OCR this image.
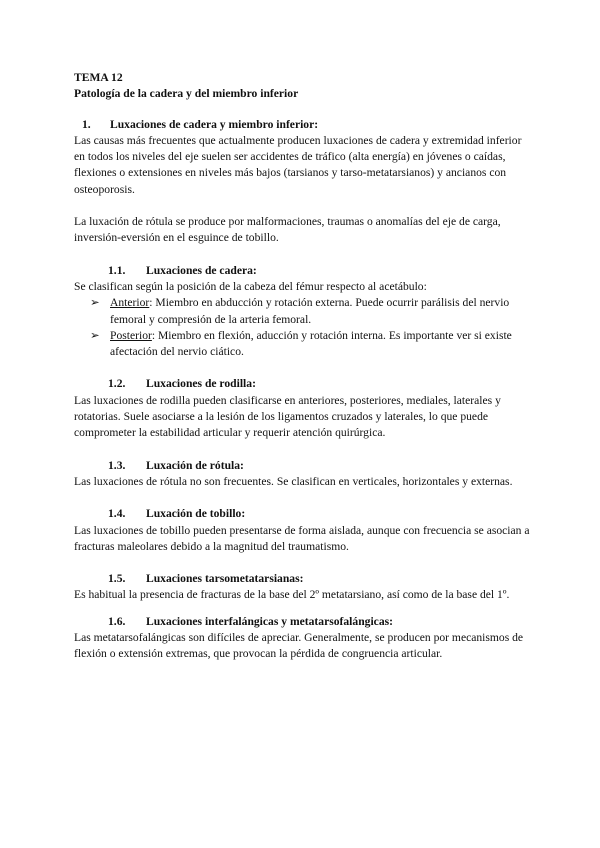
TEMA 12

Patología de la cadera y del miembro inferior

1.	Luxaciones de cadera y miembro inferior:

Las causas más frecuentes que actualmente producen luxaciones de cadera y extremidad inferior en todos los niveles del eje suelen ser accidentes de tráfico (alta energía) en jóvenes o caídas, flexiones o extensiones en niveles más bajos (tarsianos y tarso-metatarsianos) y ancianos con osteoporosis.

La luxación de rótula se produce por malformaciones, traumas o anomalías del eje de carga, inversión-eversión en el esguince de tobillo.

1.1.	Luxaciones de cadera:

Se clasifican según la posición de la cabeza del fémur respecto al acetábulo:

➢ Anterior: Miembro en abducción y rotación externa. Puede ocurrir parálisis del nervio femoral y compresión de la arteria femoral.
➢ Posterior: Miembro en flexión, aducción y rotación interna. Es importante ver si existe afectación del nervio ciático.
1.2.	Luxaciones de rodilla:

Las luxaciones de rodilla pueden clasificarse en anteriores, posteriores, mediales, laterales y rotatorias. Suele asociarse a la lesión de los ligamentos cruzados y laterales, lo que puede comprometer la estabilidad articular y requerir atención quirúrgica.

1.3.	Luxación de rótula:

Las luxaciones de rótula no son frecuentes. Se clasifican en verticales, horizontales y externas.

1.4.	Luxación de tobillo:

Las luxaciones de tobillo pueden presentarse de forma aislada, aunque con frecuencia se asocian a fracturas maleolares debido a la magnitud del traumatismo.

1.5.	Luxaciones tarsometatarsianas:

Es habitual la presencia de fracturas de la base del 2º metatarsiano, así como de la base del 1º.

1.6.	Luxaciones interfalángicas y metatarsofalángicas:

Las metatarsofalángicas son difíciles de apreciar. Generalmente, se producen por mecanismos de flexión o extensión extremas, que provocan la pérdida de congruencia articular.
